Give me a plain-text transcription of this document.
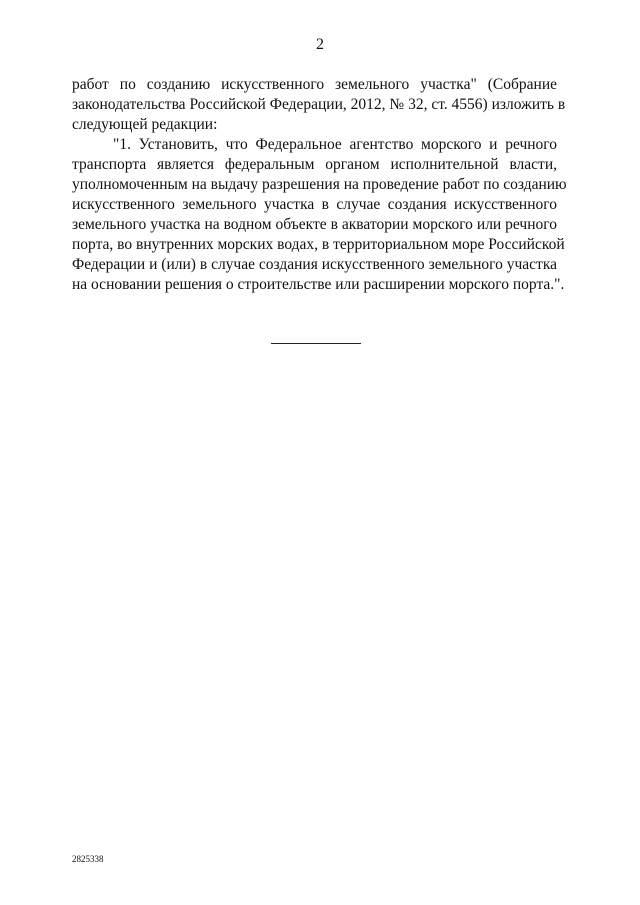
2
работ по созданию искусственного земельного участка" (Собрание
законодательства Российской Федерации, 2012, № 32, ст. 4556) изложить в
следующей редакции:
"1. Установить, что Федеральное агентство морского и речного
транспорта является федеральным органом исполнительной власти,
уполномоченным на выдачу разрешения на проведение работ по созданию
искусственного земельного участка в случае создания искусственного
земельного участка на водном объекте в акватории морского или речного
порта, во внутренних морских водах, в территориальном море Российской
Федерации и (или) в случае создания искусственного земельного участка
на основании решения о строительстве или расширении морского порта.".
2825338
